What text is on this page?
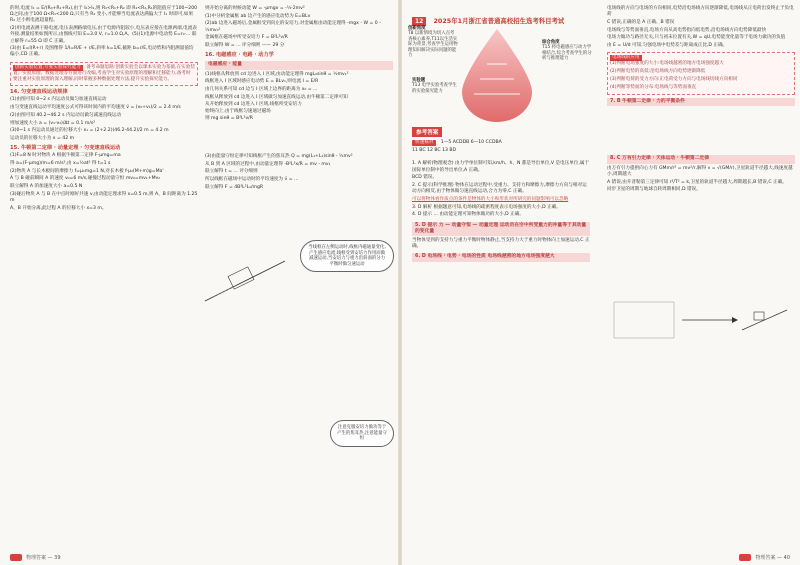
的时,电流 I₁ = E/(R₀+R₁+R₂),由于 I₂>I₁,则 R₁<R₁+R₂ 即 R₁<R₂,R₁的阻值应于100~200 Ω之间,由于100 Ω<R₁<200 Ω,只有当 R₂ 变小,才能够当电流表达满偏大于 I₁ 时即可,如果 R₂ 过小则电流超量程。

(2)用电流表测干路电流,电压表测路端电压,由于电源内阻较小,电压表应接在电源两端,电流表外接,测量结果如图所示,由图线可知 E=3.0 V, r=1.0 Ω,A。(5)(1)电源中电动势 E=r₀·... 联立解得 r=55 Ω 即 C 正确。

(3)由 E=I(R+r) 及图像得 1/I=R/E + r/E,斜率 k=1/E,截距 b=r/E,电动势和内阻测量值均偏小,CD 正确。

创新实验装置,夸张实验探究能力 备考命题思路:创新实验会以课本实验为基础,在实验装置、实验原理、数据处理等方面进行改编,考查学生对实验原理的理解和迁移能力,备考时要注重对实验原理的深入理解,同时掌握多种数据处理方法,提升实验探究能力。
14. 匀变速直线运动规律

(1)由图可知 0~2 s 内运动员做匀加速直线运动

由匀变速直线运动平均速度公式可得该时间内的平均速度 v̄ = (v₀+v₁)/2 = 2.4 m/s

(2)由图可知 40.2~46.2 s 内运动员做匀减速直线运动

则加速度大小 a = (v₁-v₂)/Δt = 0.1 m/s²

(3)0~1 s 内运动员通过的位移大小 x₁ = (2+2.2)(46.2-44.2)/2 m = 4.2 m

运动员的位移大小为 x = 42 m

15. 牛顿第二定律 · 动量定理 · 匀变速直线运动

(1)F=8 N 时对物块 A 根据牛顿第二定律 F-μmg=ma

得 a=(F-μmg)/m=6 m/s²,由 x=½at² 得 t=1 s

(2)物块 A 与长木板间的摩擦力 f=μ₁mg=1 N,对长木板 f-μ₂(M+m)g=Ma'

A 与 B 碰前瞬间 A 的速度 v₀=6 m/s,碰撞过程动量守恒 mv₀=mv₁+Mv₂

联立解得 A 的加速度大小 a=0.5 N

(3)碰后物块 A 与 B 在中点时刚好共速 v,由动能定理求得 x=0.5 m,则 A、B 间距离为 1.25 m

A、B 开始分离,此过程 A 的位移大小 x=3 m。

则开始分离的时候动能 W = -μmgx = -½·2mv²

(1)中分析金属框 ab 边产生的感应电动势为 E=BLv

(2)ab 边进入磁场后,金属框受到向左的安培力,对金属框由动能定理得 -mgx - W = 0 - ½mv₀²

金属框在磁场中所受安培力 F = B²L²v/R

联立解得 W = ... 评分细则 —— 29 分

16. 电磁感应 · 电路 · 动力学
电磁感应 · 能量

(1)线框从释放到 cd 边进入 I 区域,由动能定理得 mgL₀sinθ = ½mv₁²

线框进入 I 区域时感应电动势 E = BLv₁,则电流 I = E/R

由几何关系可知 cd 边与 I 区域上边界的距离为 x₀ = ...

线框从释放到 cd 边进入 I 区域做匀加速直线运动,由牛顿第二定律可知

从开始释放到 cd 边进入 I 区域,线框所受安培力始终向上,由于线框匀速通过磁场

则 mg sinθ = B²L²v/R

(3)由能量守恒定律可知线框产生的焦耳热 Q = mg(L₁+L₂)sinθ - ½mv²

从 B 到 A 区域的过程中,由动量定理得 -B²L²x/R = mv - mv₁

联立解得 t = ... 评分细则

所以线框在磁场中运动时的平均速度为 v̄ = ...

联立解得 F = 4B²L²L₁/mgR

当线框在左侧运动时,线框内磁通量变化,产生感应电流,线框受到安培力作用而做减速运动,当安培力与重力沿斜面的分力平衡时做匀速运动
注意克服安培力做功等于产生的焦耳热,注意能量守恒
物理答案 — 39
12 2025年1月浙江省普通高校招生选考科目考试
创新角度
T8 以新情境为切入点考查核心素养,T11以生活实际为背景,考查学生运用物理知识解决实际问题的能力
实验题
T13 电学实验考查学生的实验探究能力
综合角度
T15 将电磁感应与动力学相结合,综合考查学生的分析与推理能力
参考答案

快速核对 1—5 ACDDB 6—10 CCDBA

11 BC 12 BC 13 BD

1. A 解析(物理观念) 由力学单位制可知,km/h、h、N 都是导出单位,V 是电压单位,属于国际单位制中的导出单位,A 正确。

BCD 错误。

2. C 提示(科学推理) 物体在运动过程中,受重力、支持力和摩擦力,摩擦力方向与相对运动方向相反,由于物体做匀速直线运动,合力为零,C 正确。

可以将物体看作质点的条件是物体的大小和形状对所研究的问题影响可以忽略

3. D 解析 根据题意可知,电场线的疏密程度表示电场强度的大小,D 正确。

4. D 提示 ... 由动能定理可知物体做功的大小,D 正确。

5. D 提示 力 — 动量守恒 — 动量定理 运动员在空中所受重力的冲量等于其动量的变化量

当物体受到的支持力与重力平衡时物体静止,当支持力大于重力时物体向上加速运动,C 正确。

6. D 电场线 · 电势 · 电场的性质 电场线越密的地方电场强度越大

电场线的方向与电场的方向相同,电势沿电场线方向逐渐降低,电场线从正电荷出发终止于负电荷

C 错误,正确的是 A 正确、B 错误

电场线与等势面垂直,电场方向从高电势指向低电势,沿电场线方向电势降低最快

电场力做功与路径无关,只与初末位置有关,W = qU,电势能变化量等于电场力做功的负值

由 E = U/d 可知,匀强电场中电势差与距离成正比,D 正确。

电场线的应用

(1)判断电场强度的大小:电场线越密的地方电场强度越大

(2)判断电势的高低:沿电场线方向电势逐渐降低

(3)判断电荷的受力方向:正电荷受力方向与电场线切线方向相同

(4)判断等势面的分布:电场线与等势面垂直

7. B 牛顿第二定律 · 力的平衡条件
8. C 万有引力定律 · 天体运动 · 牛顿第二定律

由万有引力提供向心力有 GMm/r² = mv²/r,解得 v = √(GM/r),卫星轨道半径越大,线速度越小,周期越大

A 错误,由开普勒第三定律可知 r³/T² = k,卫星的轨道半径越大,周期越长,B 错误,C 正确。

同步卫星的周期与地球自转周期相同,D 错误。

物理答案 — 40
